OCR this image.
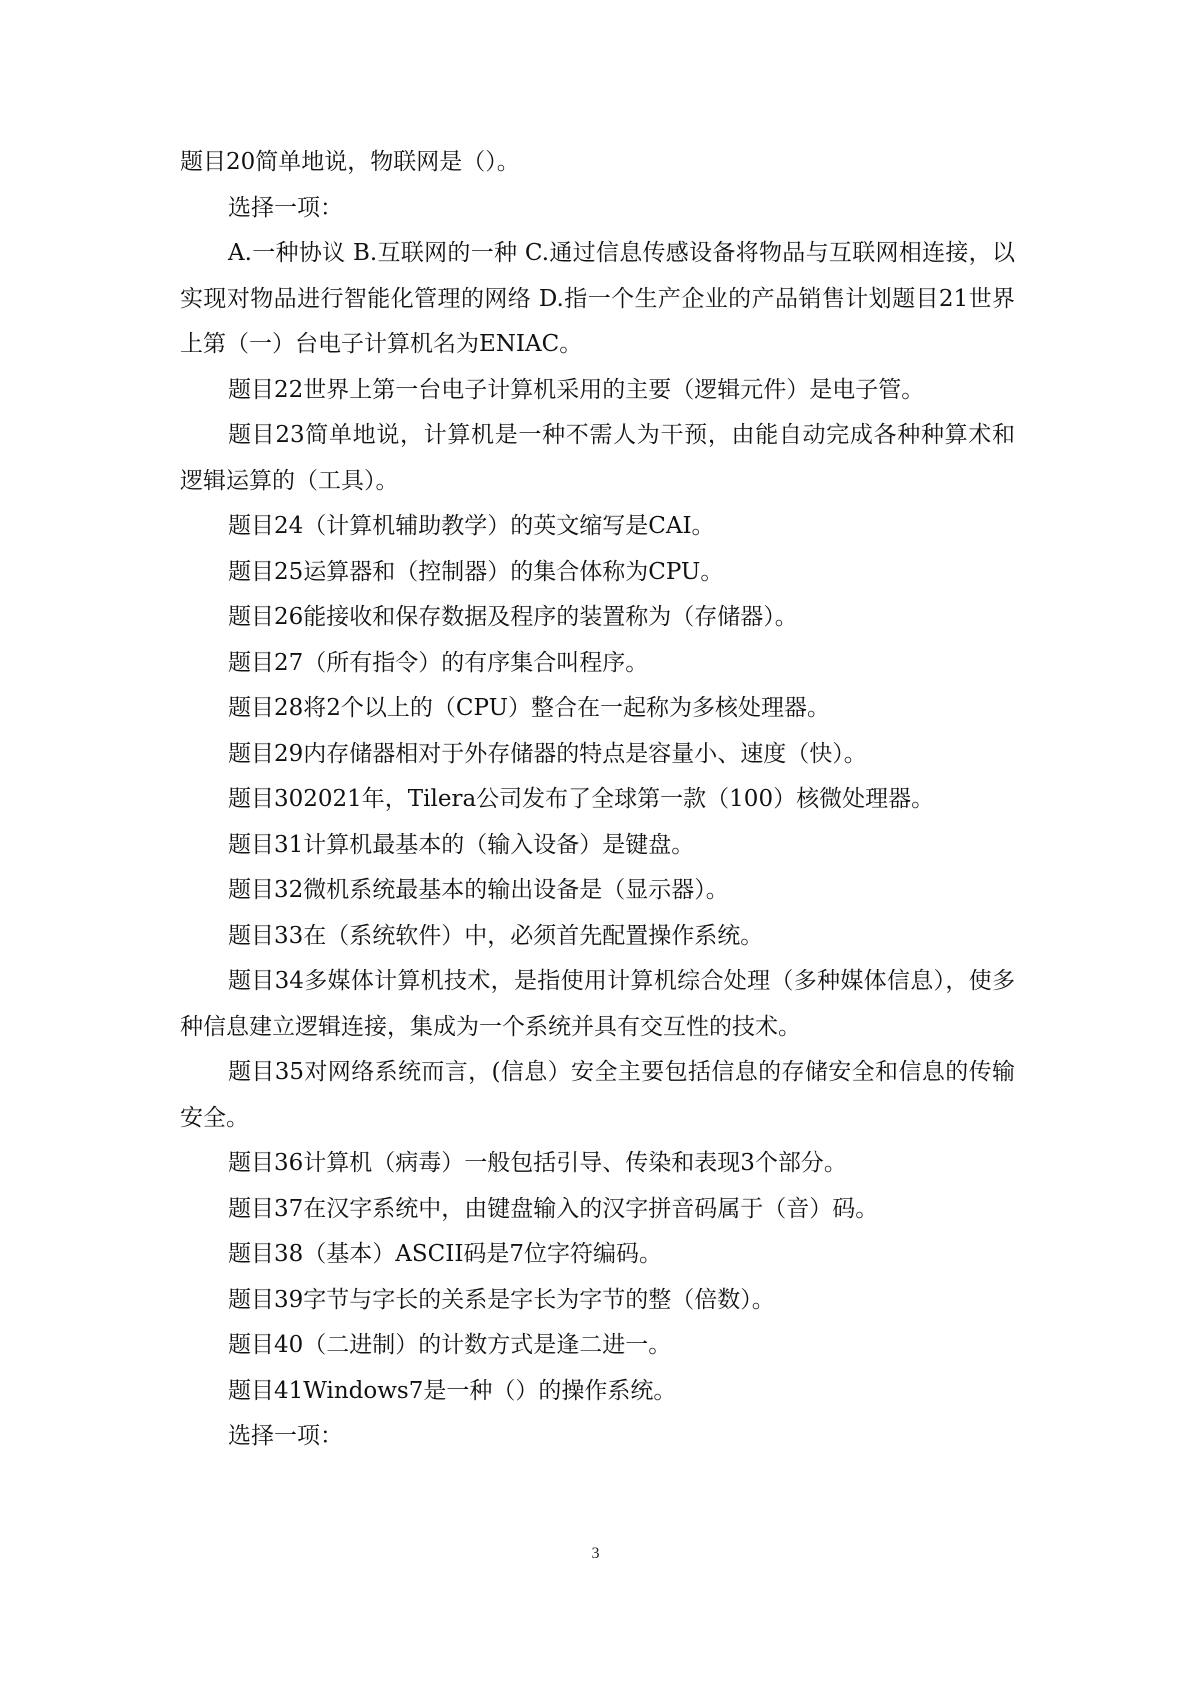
题目20简单地说，物联网是（）。

选择一项：

A.一种协议 B.互联网的一种 C.通过信息传感设备将物品与互联网相连接，以实现对物品进行智能化管理的网络 D.指一个生产企业的产品销售计划题目21世界上第（一）台电子计算机名为ENIAC。

题目22世界上第一台电子计算机采用的主要（逻辑元件）是电子管。

题目23简单地说，计算机是一种不需人为干预，由能自动完成各种种算术和逻辑运算的（工具）。

题目24（计算机辅助教学）的英文缩写是CAI。

题目25运算器和（控制器）的集合体称为CPU。

题目26能接收和保存数据及程序的装置称为（存储器）。

题目27（所有指令）的有序集合叫程序。

题目28将2个以上的（CPU）整合在一起称为多核处理器。

题目29内存储器相对于外存储器的特点是容量小、速度（快）。

题目302021年，Tilera公司发布了全球第一款（100）核微处理器。

题目31计算机最基本的（输入设备）是键盘。

题目32微机系统最基本的输出设备是（显示器）。

题目33在（系统软件）中，必须首先配置操作系统。

题目34多媒体计算机技术，是指使用计算机综合处理（多种媒体信息），使多种信息建立逻辑连接，集成为一个系统并具有交互性的技术。

题目35对网络系统而言，(信息）安全主要包括信息的存储安全和信息的传输安全。

题目36计算机（病毒）一般包括引导、传染和表现3个部分。

题目37在汉字系统中，由键盘输入的汉字拼音码属于（音）码。

题目38（基本）ASCII码是7位字符编码。

题目39字节与字长的关系是字长为字节的整（倍数）。

题目40（二进制）的计数方式是逢二进一。

题目41Windows7是一种（）的操作系统。

选择一项：

3
